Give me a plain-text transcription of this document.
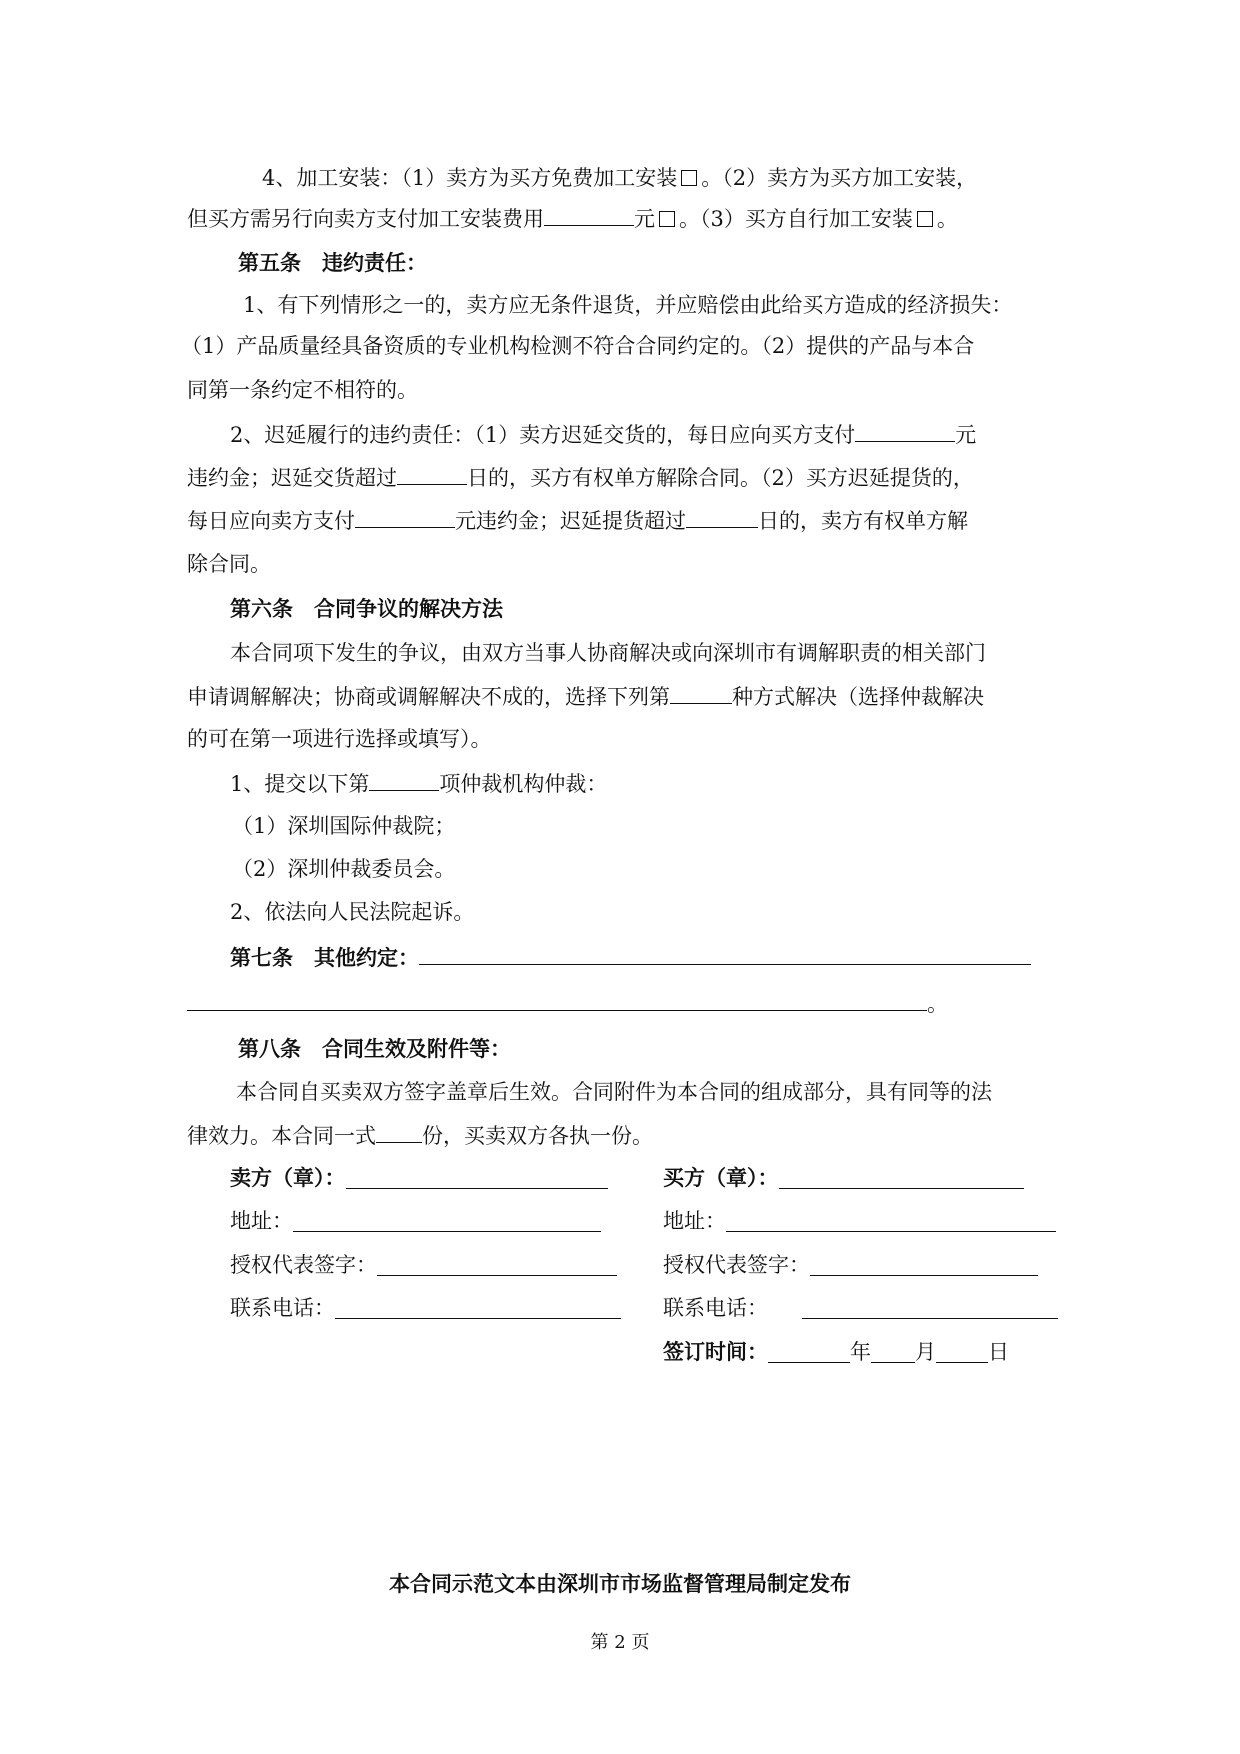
4、加工安装：（1）卖方为买方免费加工安装 。（2）卖方为买方加工安装，
但买方需另行向卖方支付加工安装费用	元 。（3）买方自行加工安装 。
第五条　违约责任：
1、有下列情形之一的，卖方应无条件退货，并应赔偿由此给买方造成的经济损失：
（1）产品质量经具备资质的专业机构检测不符合合同约定的。（2）提供的产品与本合
同第一条约定不相符的。
2、迟延履行的违约责任：（1）卖方迟延交货的，每日应向买方支付	元
违约金；迟延交货超过	日的，买方有权单方解除合同。（2）买方迟延提货的，
每日应向卖方支付	元违约金；迟延提货超过	日的，卖方有权单方解
除合同。
第六条　合同争议的解决方法
本合同项下发生的争议，由双方当事人协商解决或向深圳市有调解职责的相关部门
申请调解解决；协商或调解解决不成的，选择下列第	种方式解决（选择仲裁解决
的可在第一项进行选择或填写）。
1、提交以下第	项仲裁机构仲裁：
（1）深圳国际仲裁院；
（2）深圳仲裁委员会。
2、依法向人民法院起诉。
第七条　其他约定：
。
第八条　合同生效及附件等：
本合同自买卖双方签字盖章后生效。合同附件为本合同的组成部分，具有同等的法
律效力。本合同一式 份，买卖双方各执一份。
卖方（章）：
地址：
授权代表签字：
联系电话：
买方（章）：
地址：
授权代表签字：
联系电话：
签订时间：	年 月 日
本合同示范文本由深圳市市场监督管理局制定发布
第 2 页
